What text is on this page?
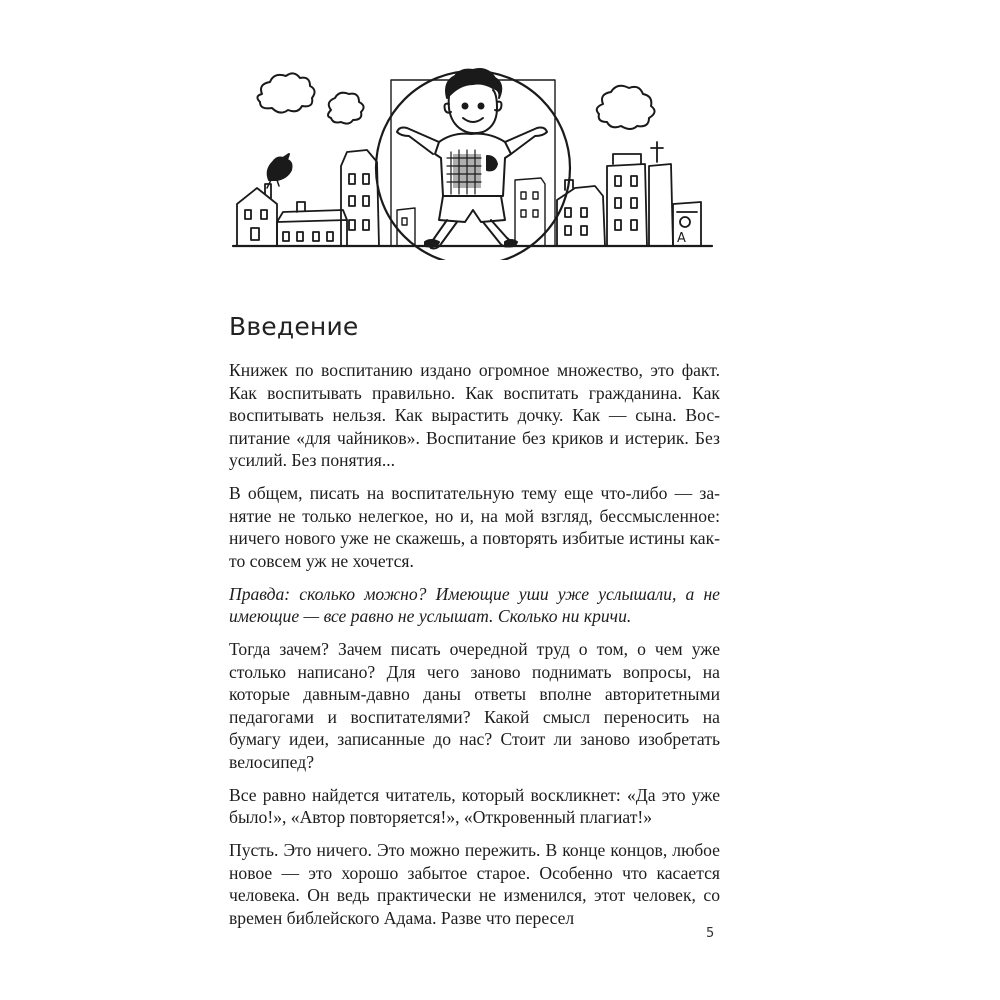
А
Введение

Книжек по воспитанию издано огромное множество, это факт. Как воспитывать правильно. Как воспитать гражданина. Как воспитывать нельзя. Как вырастить дочку. Как — сына. Воспитание «для чайников». Воспитание без криков и истерик. Без усилий. Без понятия...

В общем, писать на воспитательную тему еще что-либо — занятие не только нелегкое, но и, на мой взгляд, бессмысленное: ничего нового уже не скажешь, а повторять избитые истины как-то совсем уж не хочется.

Правда: сколько можно? Имеющие уши уже услышали, а не имеющие — все равно не услышат. Сколько ни кричи.

Тогда зачем? Зачем писать очередной труд о том, о чем уже столько написано? Для чего заново поднимать вопросы, на которые давным-давно даны ответы вполне авторитетными педагогами и воспитателями? Какой смысл переносить на бумагу идеи, записанные до нас? Стоит ли заново изобретать велосипед?

Все равно найдется читатель, который воскликнет: «Да это уже было!», «Автор повторяется!», «Откровенный плагиат!»

Пусть. Это ничего. Это можно пережить. В конце концов, любое новое — это хорошо забытое старое. Особенно что касается человека. Он ведь практически не изменился, этот человек, со времен библейского Адама. Разве что пересел

5
